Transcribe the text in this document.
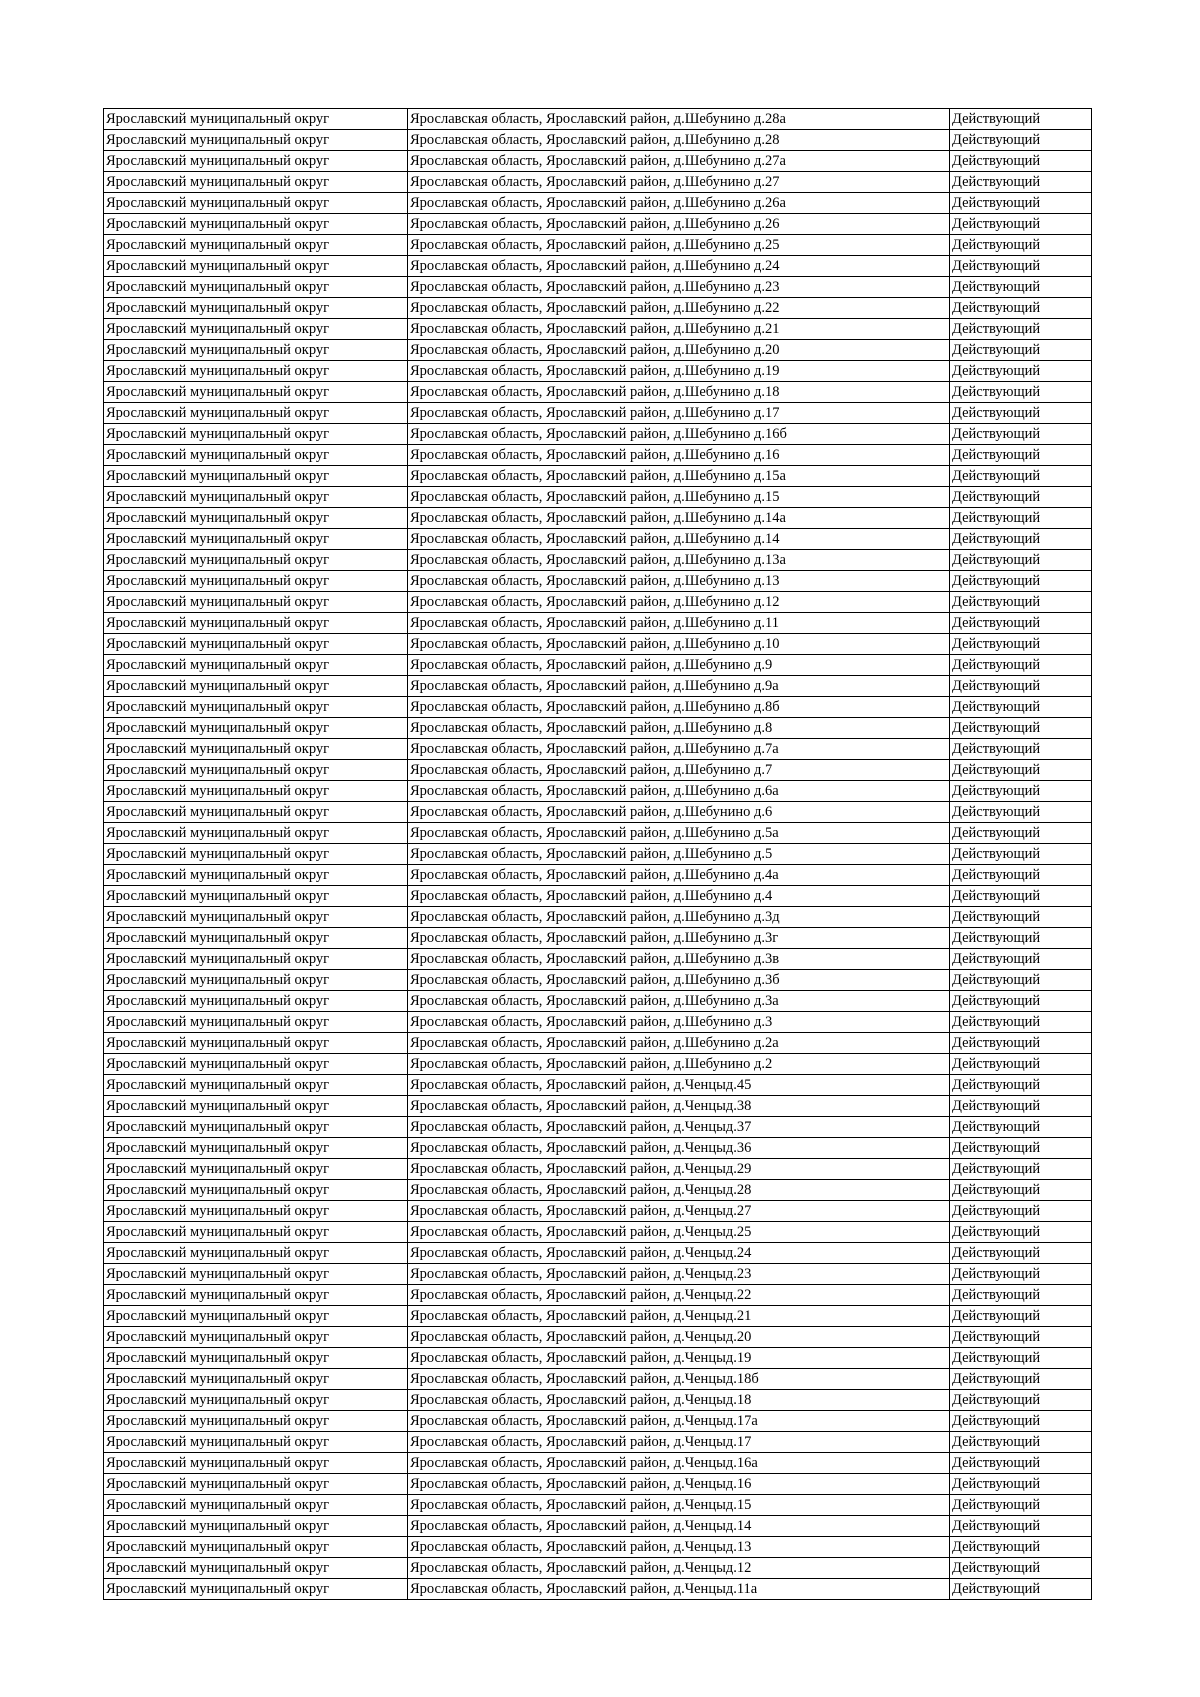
Ярославский муниципальный округ	Ярославская область, Ярославский район, д.Шебунино д.28а	Действующий
Ярославский муниципальный округ	Ярославская область, Ярославский район, д.Шебунино д.28	Действующий
Ярославский муниципальный округ	Ярославская область, Ярославский район, д.Шебунино д.27а	Действующий
Ярославский муниципальный округ	Ярославская область, Ярославский район, д.Шебунино д.27	Действующий
Ярославский муниципальный округ	Ярославская область, Ярославский район, д.Шебунино д.26а	Действующий
Ярославский муниципальный округ	Ярославская область, Ярославский район, д.Шебунино д.26	Действующий
Ярославский муниципальный округ	Ярославская область, Ярославский район, д.Шебунино д.25	Действующий
Ярославский муниципальный округ	Ярославская область, Ярославский район, д.Шебунино д.24	Действующий
Ярославский муниципальный округ	Ярославская область, Ярославский район, д.Шебунино д.23	Действующий
Ярославский муниципальный округ	Ярославская область, Ярославский район, д.Шебунино д.22	Действующий
Ярославский муниципальный округ	Ярославская область, Ярославский район, д.Шебунино д.21	Действующий
Ярославский муниципальный округ	Ярославская область, Ярославский район, д.Шебунино д.20	Действующий
Ярославский муниципальный округ	Ярославская область, Ярославский район, д.Шебунино д.19	Действующий
Ярославский муниципальный округ	Ярославская область, Ярославский район, д.Шебунино д.18	Действующий
Ярославский муниципальный округ	Ярославская область, Ярославский район, д.Шебунино д.17	Действующий
Ярославский муниципальный округ	Ярославская область, Ярославский район, д.Шебунино д.16б	Действующий
Ярославский муниципальный округ	Ярославская область, Ярославский район, д.Шебунино д.16	Действующий
Ярославский муниципальный округ	Ярославская область, Ярославский район, д.Шебунино д.15а	Действующий
Ярославский муниципальный округ	Ярославская область, Ярославский район, д.Шебунино д.15	Действующий
Ярославский муниципальный округ	Ярославская область, Ярославский район, д.Шебунино д.14а	Действующий
Ярославский муниципальный округ	Ярославская область, Ярославский район, д.Шебунино д.14	Действующий
Ярославский муниципальный округ	Ярославская область, Ярославский район, д.Шебунино д.13а	Действующий
Ярославский муниципальный округ	Ярославская область, Ярославский район, д.Шебунино д.13	Действующий
Ярославский муниципальный округ	Ярославская область, Ярославский район, д.Шебунино д.12	Действующий
Ярославский муниципальный округ	Ярославская область, Ярославский район, д.Шебунино д.11	Действующий
Ярославский муниципальный округ	Ярославская область, Ярославский район, д.Шебунино д.10	Действующий
Ярославский муниципальный округ	Ярославская область, Ярославский район, д.Шебунино д.9	Действующий
Ярославский муниципальный округ	Ярославская область, Ярославский район, д.Шебунино д.9а	Действующий
Ярославский муниципальный округ	Ярославская область, Ярославский район, д.Шебунино д.8б	Действующий
Ярославский муниципальный округ	Ярославская область, Ярославский район, д.Шебунино д.8	Действующий
Ярославский муниципальный округ	Ярославская область, Ярославский район, д.Шебунино д.7а	Действующий
Ярославский муниципальный округ	Ярославская область, Ярославский район, д.Шебунино д.7	Действующий
Ярославский муниципальный округ	Ярославская область, Ярославский район, д.Шебунино д.6а	Действующий
Ярославский муниципальный округ	Ярославская область, Ярославский район, д.Шебунино д.6	Действующий
Ярославский муниципальный округ	Ярославская область, Ярославский район, д.Шебунино д.5а	Действующий
Ярославский муниципальный округ	Ярославская область, Ярославский район, д.Шебунино д.5	Действующий
Ярославский муниципальный округ	Ярославская область, Ярославский район, д.Шебунино д.4а	Действующий
Ярославский муниципальный округ	Ярославская область, Ярославский район, д.Шебунино д.4	Действующий
Ярославский муниципальный округ	Ярославская область, Ярославский район, д.Шебунино д.3д	Действующий
Ярославский муниципальный округ	Ярославская область, Ярославский район, д.Шебунино д.3г	Действующий
Ярославский муниципальный округ	Ярославская область, Ярославский район, д.Шебунино д.3в	Действующий
Ярославский муниципальный округ	Ярославская область, Ярославский район, д.Шебунино д.3б	Действующий
Ярославский муниципальный округ	Ярославская область, Ярославский район, д.Шебунино д.3а	Действующий
Ярославский муниципальный округ	Ярославская область, Ярославский район, д.Шебунино д.3	Действующий
Ярославский муниципальный округ	Ярославская область, Ярославский район, д.Шебунино д.2а	Действующий
Ярославский муниципальный округ	Ярославская область, Ярославский район, д.Шебунино д.2	Действующий
Ярославский муниципальный округ	Ярославская область, Ярославский район, д.Ченцыд.45	Действующий
Ярославский муниципальный округ	Ярославская область, Ярославский район, д.Ченцыд.38	Действующий
Ярославский муниципальный округ	Ярославская область, Ярославский район, д.Ченцыд.37	Действующий
Ярославский муниципальный округ	Ярославская область, Ярославский район, д.Ченцыд.36	Действующий
Ярославский муниципальный округ	Ярославская область, Ярославский район, д.Ченцыд.29	Действующий
Ярославский муниципальный округ	Ярославская область, Ярославский район, д.Ченцыд.28	Действующий
Ярославский муниципальный округ	Ярославская область, Ярославский район, д.Ченцыд.27	Действующий
Ярославский муниципальный округ	Ярославская область, Ярославский район, д.Ченцыд.25	Действующий
Ярославский муниципальный округ	Ярославская область, Ярославский район, д.Ченцыд.24	Действующий
Ярославский муниципальный округ	Ярославская область, Ярославский район, д.Ченцыд.23	Действующий
Ярославский муниципальный округ	Ярославская область, Ярославский район, д.Ченцыд.22	Действующий
Ярославский муниципальный округ	Ярославская область, Ярославский район, д.Ченцыд.21	Действующий
Ярославский муниципальный округ	Ярославская область, Ярославский район, д.Ченцыд.20	Действующий
Ярославский муниципальный округ	Ярославская область, Ярославский район, д.Ченцыд.19	Действующий
Ярославский муниципальный округ	Ярославская область, Ярославский район, д.Ченцыд.18б	Действующий
Ярославский муниципальный округ	Ярославская область, Ярославский район, д.Ченцыд.18	Действующий
Ярославский муниципальный округ	Ярославская область, Ярославский район, д.Ченцыд.17а	Действующий
Ярославский муниципальный округ	Ярославская область, Ярославский район, д.Ченцыд.17	Действующий
Ярославский муниципальный округ	Ярославская область, Ярославский район, д.Ченцыд.16а	Действующий
Ярославский муниципальный округ	Ярославская область, Ярославский район, д.Ченцыд.16	Действующий
Ярославский муниципальный округ	Ярославская область, Ярославский район, д.Ченцыд.15	Действующий
Ярославский муниципальный округ	Ярославская область, Ярославский район, д.Ченцыд.14	Действующий
Ярославский муниципальный округ	Ярославская область, Ярославский район, д.Ченцыд.13	Действующий
Ярославский муниципальный округ	Ярославская область, Ярославский район, д.Ченцыд.12	Действующий
Ярославский муниципальный округ	Ярославская область, Ярославский район, д.Ченцыд.11а	Действующий
